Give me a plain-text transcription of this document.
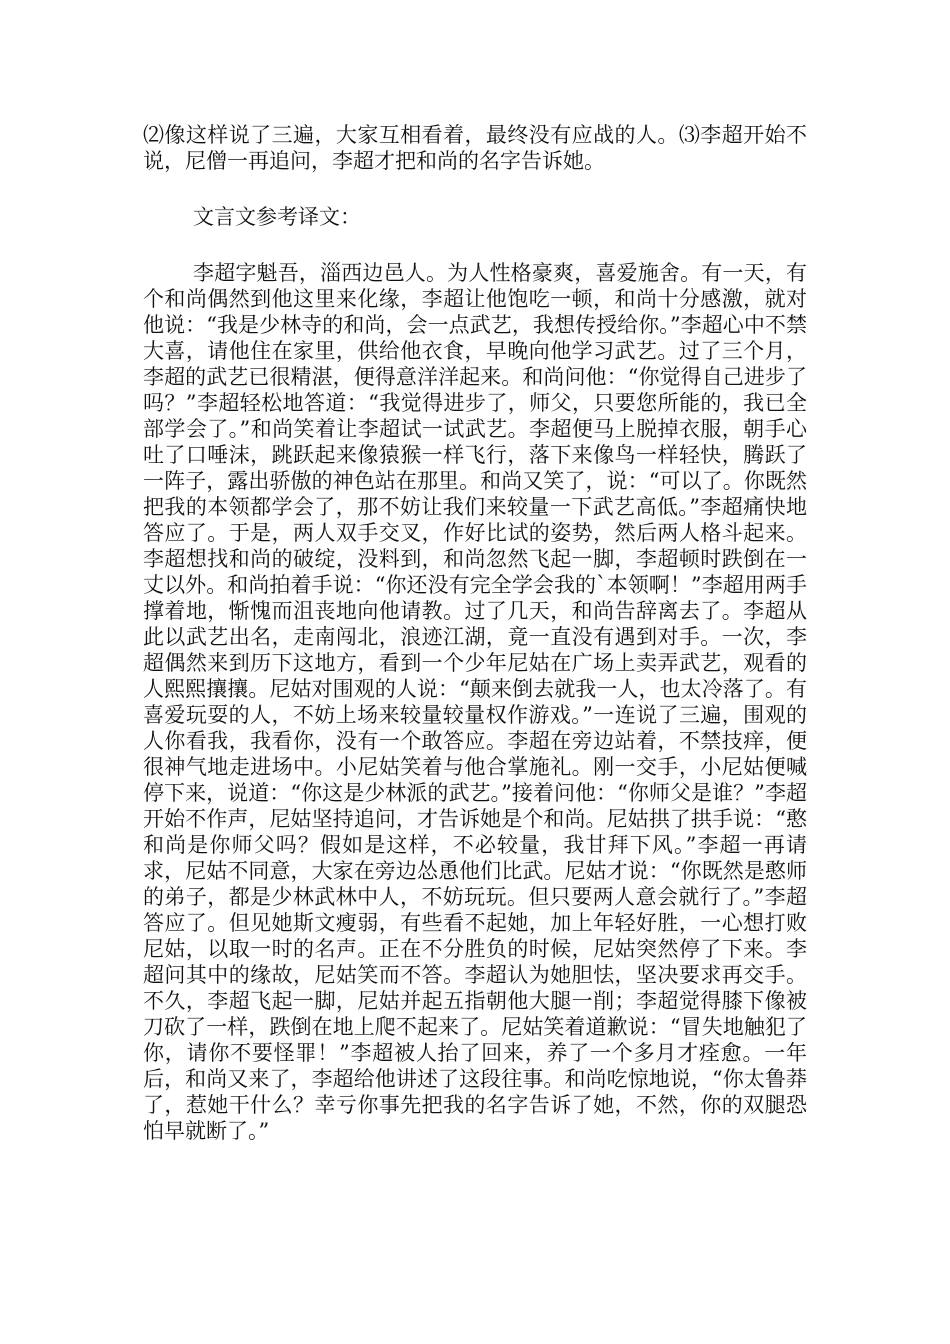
⑵像这样说了三遍，大家互相看着，最终没有应战的人。⑶李超开始不说，尼僧一再追问，李超才把和尚的名字告诉她。

文言文参考译文：

李超字魁吾，淄西边邑人。为人性格豪爽，喜爱施舍。有一天，有个和尚偶然到他这里来化缘，李超让他饱吃一顿，和尚十分感激，就对他说：“我是少林寺的和尚，会一点武艺，我想传授给你。”李超心中不禁大喜，请他住在家里，供给他衣食，早晚向他学习武艺。过了三个月，李超的武艺已很精湛，便得意洋洋起来。和尚问他：“你觉得自己进步了吗？”李超轻松地答道：“我觉得进步了，师父，只要您所能的，我已全部学会了。”和尚笑着让李超试一试武艺。李超便马上脱掉衣服，朝手心吐了口唾沫，跳跃起来像猿猴一样飞行，落下来像鸟一样轻快，腾跃了一阵子，露出骄傲的神色站在那里。和尚又笑了，说：“可以了。你既然把我的本领都学会了，那不妨让我们来较量一下武艺高低。”李超痛快地答应了。于是，两人双手交叉，作好比试的姿势，然后两人格斗起来。李超想找和尚的破绽，没料到，和尚忽然飞起一脚，李超顿时跌倒在一丈以外。和尚拍着手说：“你还没有完全学会我的`本领啊！”李超用两手撑着地，惭愧而沮丧地向他请教。过了几天，和尚告辞离去了。李超从此以武艺出名，走南闯北，浪迹江湖，竟一直没有遇到对手。一次，李超偶然来到历下这地方，看到一个少年尼姑在广场上卖弄武艺，观看的人熙熙攘攘。尼姑对围观的人说：“颠来倒去就我一人，也太冷落了。有喜爱玩耍的人，不妨上场来较量较量权作游戏。”一连说了三遍，围观的人你看我，我看你，没有一个敢答应。李超在旁边站着，不禁技痒，便很神气地走进场中。小尼姑笑着与他合掌施礼。刚一交手，小尼姑便喊停下来，说道：“你这是少林派的武艺。”接着问他：“你师父是谁？”李超开始不作声，尼姑坚持追问，才告诉她是个和尚。尼姑拱了拱手说：“憨和尚是你师父吗？假如是这样，不必较量，我甘拜下风。”李超一再请求，尼姑不同意，大家在旁边怂恿他们比武。尼姑才说：“你既然是憨师的弟子，都是少林武林中人，不妨玩玩。但只要两人意会就行了。”李超答应了。但见她斯文瘦弱，有些看不起她，加上年轻好胜，一心想打败尼姑，以取一时的名声。正在不分胜负的时候，尼姑突然停了下来。李超问其中的缘故，尼姑笑而不答。李超认为她胆怯，坚决要求再交手。不久，李超飞起一脚，尼姑并起五指朝他大腿一削；李超觉得膝下像被刀砍了一样，跌倒在地上爬不起来了。尼姑笑着道歉说：“冒失地触犯了你，请你不要怪罪！”李超被人抬了回来，养了一个多月才痊愈。一年后，和尚又来了，李超给他讲述了这段往事。和尚吃惊地说，“你太鲁莽了，惹她干什么？幸亏你事先把我的名字告诉了她，不然，你的双腿恐怕早就断了。”
